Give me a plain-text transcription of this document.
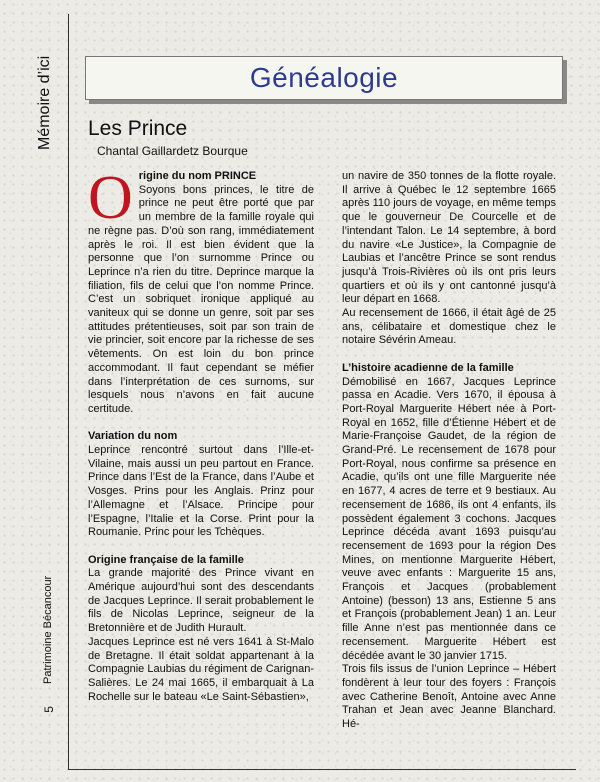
Mémoire d’ici
Patrimoine Bécancour
5
Généalogie
Les Prince
Chantal Gaillardetz Bourque
O rigine du nom PRINCE

Soyons bons princes, le titre de prince ne peut être porté que par un membre de la famille royale qui ne règne pas. D’où son rang, immédiatement après le roi. Il est bien évident que la personne que l’on surnomme Prince ou Leprince n’a rien du titre. Deprince marque la filiation, fils de celui que l’on nomme Prince. C’est un sobriquet ironique appliqué au vaniteux qui se donne un genre, soit par ses attitudes prétentieuses, soit par son train de vie princier, soit encore par la richesse de ses vêtements. On est loin du bon prince accommodant. Il faut cependant se méfier dans l’interprétation de ces surnoms, sur lesquels nous n’avons en fait aucune certitude.

Variation du nom

Leprince rencontré surtout dans l’Ille-et-Vilaine, mais aussi un peu partout en France. Prince dans l’Est de la France, dans l’Aube et Vosges. Prins pour les Anglais. Prinz pour l’Allemagne et l’Alsace. Principe pour l’Espagne, l’Italie et la Corse. Print pour la Roumanie. Princ pour les Tchèques.

Origine française de la famille

La grande majorité des Prince vivant en Amérique aujourd’hui sont des descendants de Jacques Leprince. Il serait probablement le fils de Nicolas Leprince, seigneur de la Bretonnière et de Judith Hurault.

Jacques Leprince est né vers 1641 à St-Malo de Bretagne. Il était soldat appartenant à la Compagnie Laubias du régiment de Carignan-Salières. Le 24 mai 1665, il embarquait à La Rochelle sur le bateau «Le Saint-Sébastien»,

un navire de 350 tonnes de la flotte royale. Il arrive à Québec le 12 septembre 1665 après 110 jours de voyage, en même temps que le gouverneur De Courcelle et de l’intendant Talon. Le 14 septembre, à bord du navire «Le Justice», la Compagnie de Laubias et l’ancêtre Prince se sont rendus jusqu’à Trois-Rivières où ils ont pris leurs quartiers et où ils y ont cantonné jusqu’à leur départ en 1668.

Au recensement de 1666, il était âgé de 25 ans, célibataire et domestique chez le notaire Sévérin Ameau.

L’histoire acadienne de la famille

Démobilisé en 1667, Jacques Leprince passa en Acadie. Vers 1670, il épousa à Port-Royal Marguerite Hébert née à Port-Royal en 1652, fille d’Étienne Hébert et de Marie-Françoise Gaudet, de la région de Grand-Pré. Le recensement de 1678 pour Port-Royal, nous confirme sa présence en Acadie, qu’ils ont une fille Marguerite née en 1677, 4 acres de terre et 9 bestiaux. Au recensement de 1686, ils ont 4 enfants, ils possèdent également 3 cochons. Jacques Leprince décéda avant 1693 puisqu’au recensement de 1693 pour la région Des Mines, on mentionne Marguerite Hébert, veuve avec enfants : Marguerite 15 ans, François et Jacques (probablement Antoine) (besson) 13 ans, Estienne 5 ans et François (probablement Jean) 1 an. Leur fille Anne n’est pas mentionnée dans ce recensement. Marguerite Hébert est décédée avant le 30 janvier 1715.

Trois fils issus de l’union Leprince – Hébert fondèrent à leur tour des foyers : François avec Catherine Benoît, Antoine avec Anne Trahan et Jean avec Jeanne Blanchard. Hé-
